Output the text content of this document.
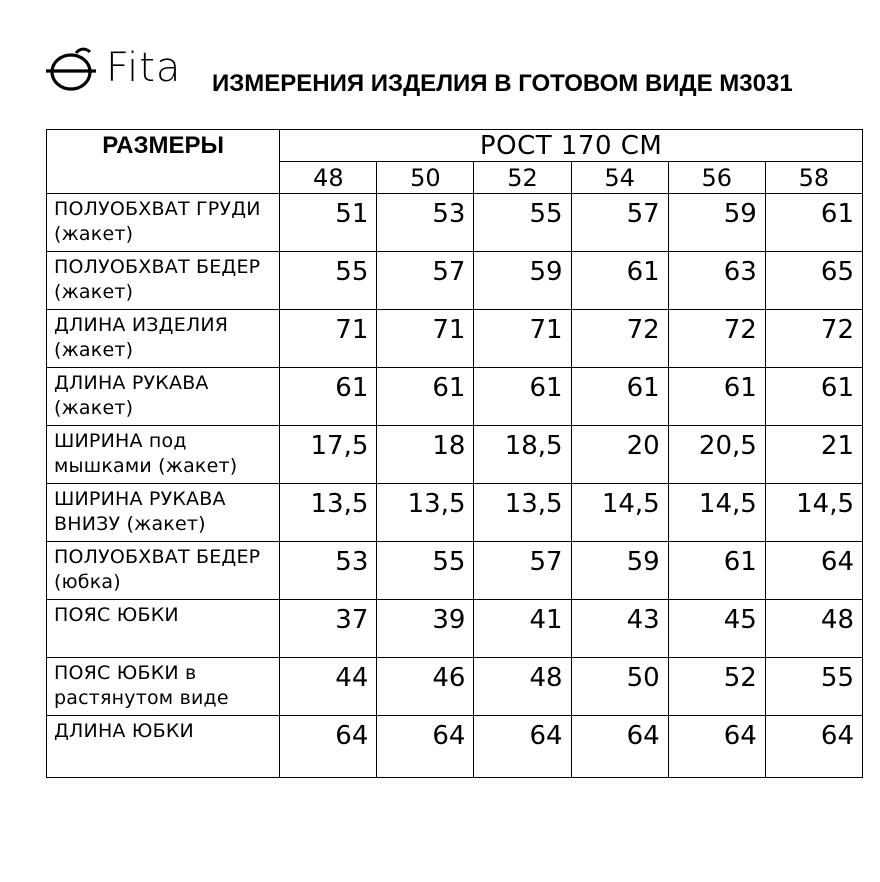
Fita ИЗМЕРЕНИЯ ИЗДЕЛИЯ В ГОТОВОМ ВИДЕ М3031
РАЗМЕРЫ	РОСТ 170 СМ					
	48	50	52	54	56	58
ПОЛУОБХВАТ ГРУДИ (жакет)	51	53	55	57	59	61
ПОЛУОБХВАТ БЕДЕР (жакет)	55	57	59	61	63	65
ДЛИНА ИЗДЕЛИЯ (жакет)	71	71	71	72	72	72
ДЛИНА РУКАВА (жакет)	61	61	61	61	61	61
ШИРИНА под мышками (жакет)	17,5	18	18,5	20	20,5	21
ШИРИНА РУКАВА ВНИЗУ (жакет)	13,5	13,5	13,5	14,5	14,5	14,5
ПОЛУОБХВАТ БЕДЕР (юбка)	53	55	57	59	61	64
ПОЯС ЮБКИ	37	39	41	43	45	48
ПОЯС ЮБКИ в растянутом виде	44	46	48	50	52	55
ДЛИНА ЮБКИ	64	64	64	64	64	64
